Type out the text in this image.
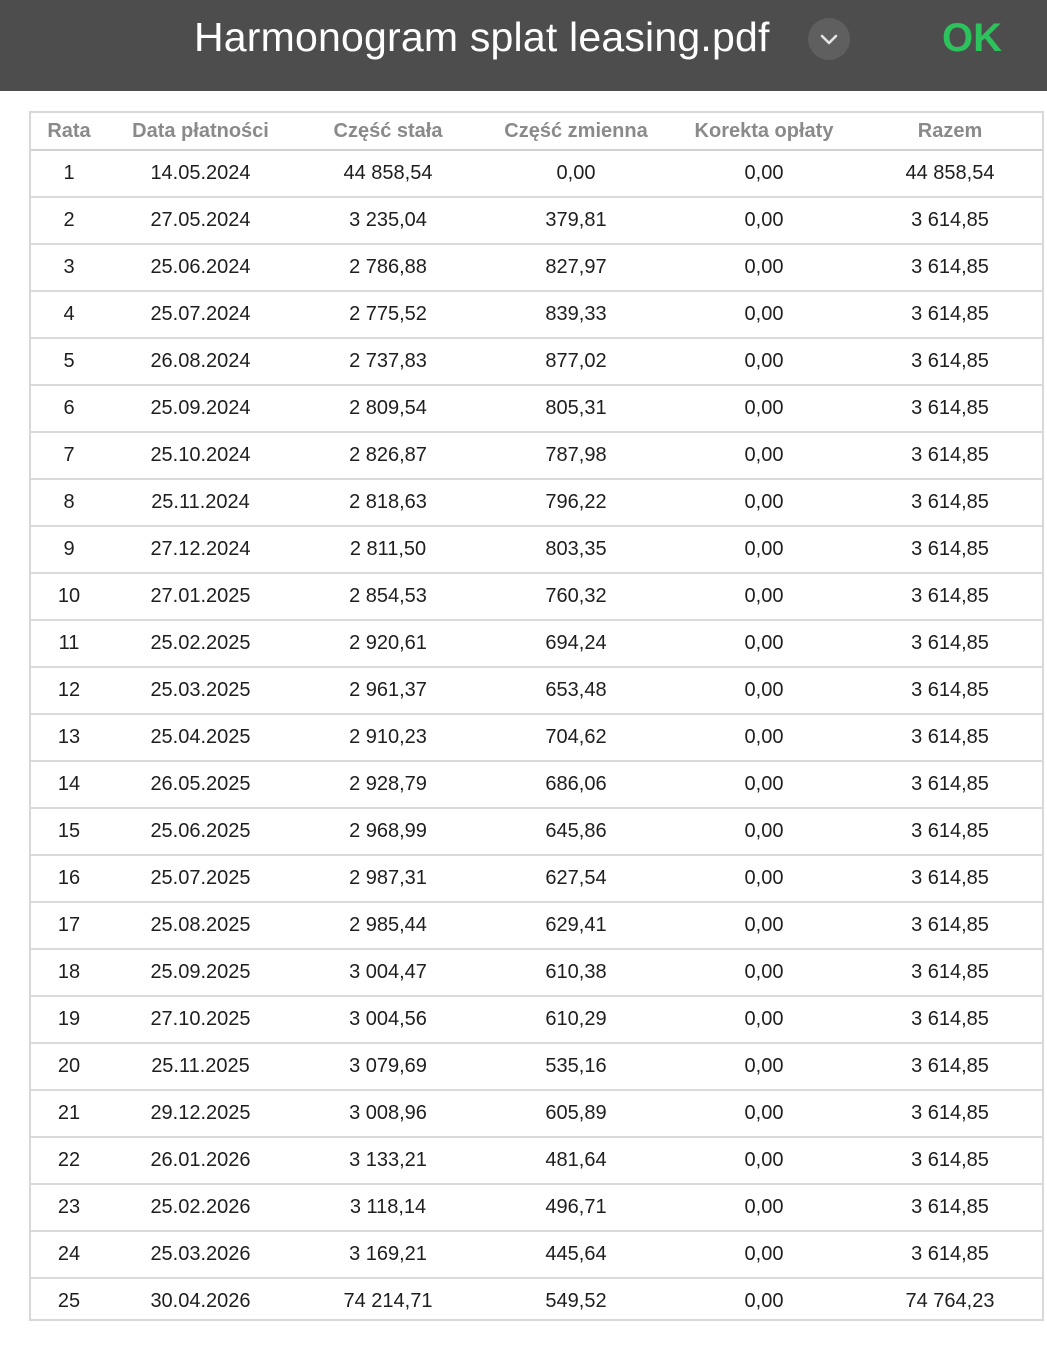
Harmonogram splat leasing.pdf	OK
Rata	Data płatności	Część stała	Część zmienna	Korekta opłaty	Razem
1	14.05.2024	44 858,54	0,00	0,00	44 858,54
2	27.05.2024	3 235,04	379,81	0,00	3 614,85
3	25.06.2024	2 786,88	827,97	0,00	3 614,85
4	25.07.2024	2 775,52	839,33	0,00	3 614,85
5	26.08.2024	2 737,83	877,02	0,00	3 614,85
6	25.09.2024	2 809,54	805,31	0,00	3 614,85
7	25.10.2024	2 826,87	787,98	0,00	3 614,85
8	25.11.2024	2 818,63	796,22	0,00	3 614,85
9	27.12.2024	2 811,50	803,35	0,00	3 614,85
10	27.01.2025	2 854,53	760,32	0,00	3 614,85
11	25.02.2025	2 920,61	694,24	0,00	3 614,85
12	25.03.2025	2 961,37	653,48	0,00	3 614,85
13	25.04.2025	2 910,23	704,62	0,00	3 614,85
14	26.05.2025	2 928,79	686,06	0,00	3 614,85
15	25.06.2025	2 968,99	645,86	0,00	3 614,85
16	25.07.2025	2 987,31	627,54	0,00	3 614,85
17	25.08.2025	2 985,44	629,41	0,00	3 614,85
18	25.09.2025	3 004,47	610,38	0,00	3 614,85
19	27.10.2025	3 004,56	610,29	0,00	3 614,85
20	25.11.2025	3 079,69	535,16	0,00	3 614,85
21	29.12.2025	3 008,96	605,89	0,00	3 614,85
22	26.01.2026	3 133,21	481,64	0,00	3 614,85
23	25.02.2026	3 118,14	496,71	0,00	3 614,85
24	25.03.2026	3 169,21	445,64	0,00	3 614,85
25	30.04.2026	74 214,71	549,52	0,00	74 764,23
